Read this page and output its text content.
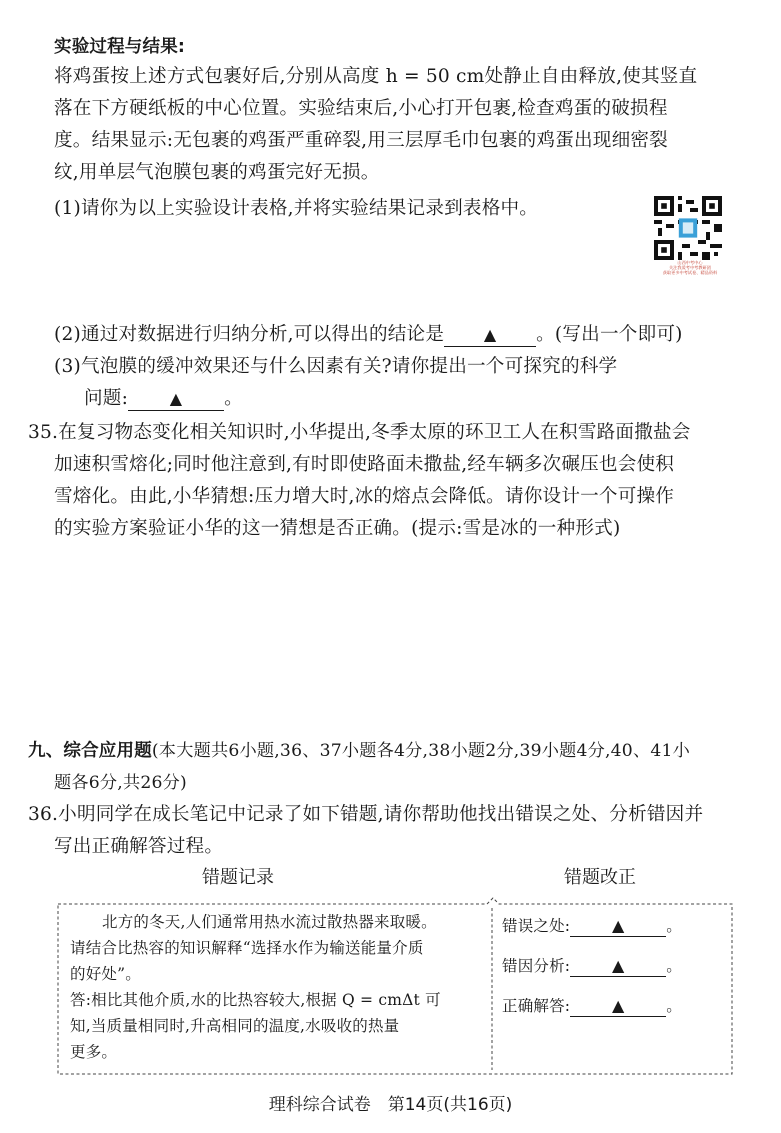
实验过程与结果:
将鸡蛋按上述方式包裹好后,分别从高度 h = 50 cm处静止自由释放,使其竖直
落在下方硬纸板的中心位置。实验结束后,小心打开包裹,检查鸡蛋的破损程
度。结果显示:无包裹的鸡蛋严重碎裂,用三层厚毛巾包裹的鸡蛋出现细密裂
纹,用单层气泡膜包裹的鸡蛋完好无损。
(1)请你为以上实验设计表格,并将实验结果记录到表格中。
山西中考中心
关注我爱考中考教研团
获取更多中考试卷、精品资料
(2)通过对数据进行归纳分析,可以得出的结论是 ▲ 。(写出一个即可)
(3)气泡膜的缓冲效果还与什么因素有关?请你提出一个可探究的科学
问题:	▲ 。
35.在复习物态变化相关知识时,小华提出,冬季太原的环卫工人在积雪路面撒盐会
加速积雪熔化;同时他注意到,有时即使路面未撒盐,经车辆多次碾压也会使积
雪熔化。由此,小华猜想:压力增大时,冰的熔点会降低。请你设计一个可操作
的实验方案验证小华的这一猜想是否正确。(提示:雪是冰的一种形式)
九、综合应用题(本大题共6小题,36、37小题各4分,38小题2分,39小题4分,40、41小
题各6分,共26分)
36.小明同学在成长笔记中记录了如下错题,请你帮助他找出错误之处、分析错因并
写出正确解答过程。
错题记录	错题改正
北方的冬天,人们通常用热水流过散热器来取暖。
请结合比热容的知识解释“选择水作为输送能量介质
的好处”。
答:相比其他介质,水的比热容较大,根据 Q = cmΔt 可
知,当质量相同时,升高相同的温度,水吸收的热量
更多。
错误之处:	▲	。
错因分析:	▲	。
正确解答:	▲	。
理科综合试卷　第14页(共16页)
